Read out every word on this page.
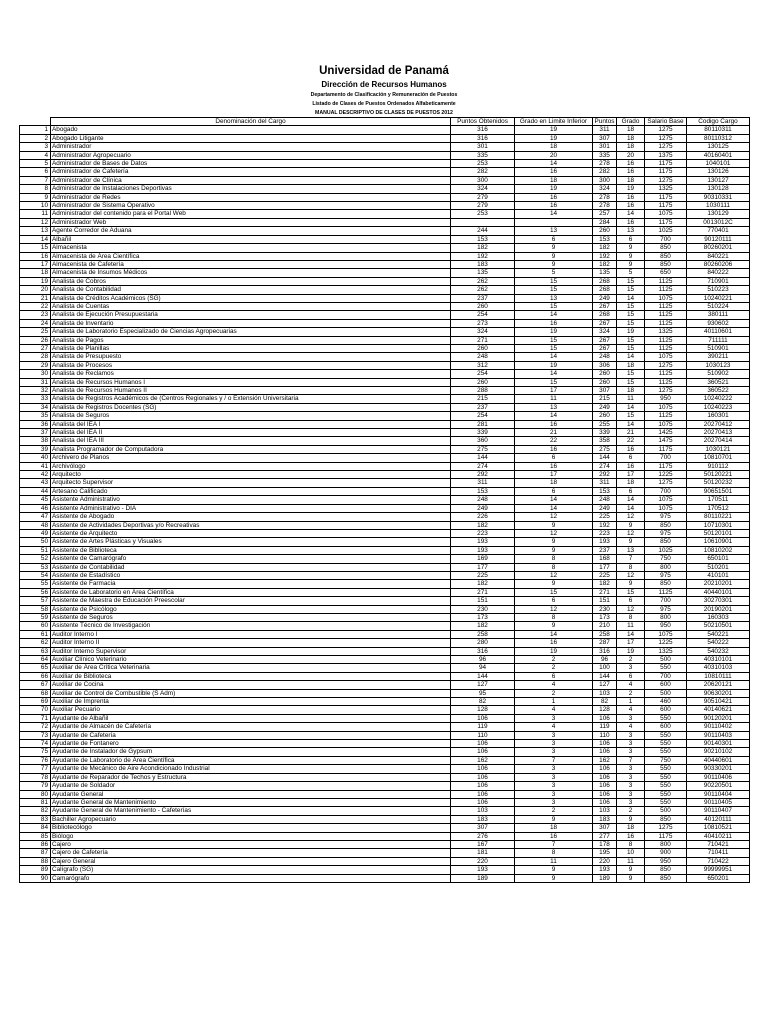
Universidad de Panamá
Dirección de Recursos Humanos
Departamento de Clasificación y Remuneración de Puestos
Listado de Clases de Puestos Ordenados Alfabeticamente
MANUAL DESCRIPTIVO DE CLASES DE PUESTOS 2012
	Denominación del Cargo	Puntos Obtenidos	Grado en Limite Inferior	Puntos	Grado	Salario Base	Codigo Cargo
1	Abogado	316	19	311	18	1275	80110311
2	Abogado Litigante	316	19	307	18	1275	80110312
3	Administrador	301	18	301	18	1275	130125
4	Administrador Agropecuario	335	20	335	20	1375	40160401
5	Administrador de Bases de Datos	253	14	278	16	1175	1040101
6	Administrador de Cafetería	282	16	282	16	1175	130126
7	Administrador de Clínica	300	18	300	18	1275	130127
8	Administrador de Instalaciones Deportivas	324	19	324	19	1325	130128
9	Administrador de Redes	279	16	278	16	1175	90310331
10	Administrador de Sistema Operativo	279	16	278	16	1175	1030111
11	Administrador del contenido para el Portal Web	253	14	257	14	1075	130129
12	Administrador Web			284	16	1175	0013012C
13	Agente Corredor de Aduana	244	13	260	13	1025	770401
14	Albañil	153	6	153	6	700	90120111
15	Almacenista	182	9	182	9	850	80260201
16	Almacenista de Área Científica	192	9	192	9	850	840221
17	Almacenista de Cafetería	183	9	182	9	850	80260206
18	Almacenista de Insumos Médicos	135	5	135	5	650	840222
19	Analista de Cobros	262	15	268	15	1125	710901
20	Analista de Contabilidad	262	15	268	15	1125	510223
21	Analista de Créditos Académicos (SG)	237	13	249	14	1075	10240221
22	Analista de Cuentas	260	15	267	15	1125	510224
23	Analista de Ejecución Presupuestaria	254	14	268	15	1125	380111
24	Analista de Inventario	273	16	267	15	1125	930602
25	Analista de Laboratorio Especializado de Ciencias Agropecuarias	324	19	324	19	1325	40110601
26	Analista de Pagos	271	15	267	15	1125	711111
27	Analista de Planillas	260	15	267	15	1125	510901
28	Analista de Presupuesto	248	14	248	14	1075	390211
29	Analista de Procesos	312	19	306	18	1275	1030123
30	Analista de Reclamos	254	14	260	15	1125	510902
31	Analista de Recursos Humanos I	260	15	260	15	1125	360521
32	Analista de Recursos Humanos II	288	17	307	18	1275	360522
33	Analista de Registros Académicos de (Centros Regionales y / o Extensión Universitaria	215	11	215	11	950	10240222
34	Analista de Registros Docentes (SG)	237	13	249	14	1075	10240223
35	Analista de Seguros	254	14	260	15	1125	160301
36	Analista del IEA I	281	16	255	14	1075	20270412
37	Analista del IEA II	339	21	339	21	1425	20270413
38	Analista del IEA III	360	22	358	22	1475	20270414
39	Analista Programador de Computadora	275	16	275	16	1175	1030121
40	Archivero de Planos	144	6	144	6	700	10810701
41	Archivólogo	274	16	274	16	1175	910112
42	Arquitecto	292	17	292	17	1225	50120221
43	Arquitecto Supervisor	311	18	311	18	1275	50120232
44	Artesano Calificado	153	6	153	6	700	90651501
45	Asistente Administrativo	248	14	248	14	1075	170511
46	Asistente Administrativo - DIA	249	14	249	14	1075	170512
47	Asistente de Abogado	226	12	225	12	975	80110221
48	Asistente de Actividades Deportivas y/o Recreativas	182	9	192	9	850	10710301
49	Asistente de Arquitecto	223	12	223	12	975	50120101
50	Asistente de Artes Plásticas y Visuales	193	9	193	9	850	10610901
51	Asistente de Biblioteca	193	9	237	13	1025	10810202
52	Asistente de Camarógrafo	169	8	168	7	750	650101
53	Asistente de Contabilidad	177	8	177	8	800	510201
54	Asistente de Estadístico	225	12	225	12	975	410101
55	Asistente de Farmacia	182	9	182	9	850	20210201
56	Asistente de Laboratorio en Área Científica	271	15	271	15	1125	40440101
57	Asistente de Maestra de Educación Preescolar	151	6	151	6	700	30270301
58	Asistente de Psicólogo	230	12	230	12	975	20190201
59	Asistente de Seguros	173	8	173	8	800	160303
60	Asistente Técnico de Investigación	182	9	210	11	950	50210501
61	Auditor Interno I	258	14	258	14	1075	540221
62	Auditor Interno II	280	16	287	17	1225	540222
63	Auditor Interno Supervisor	316	19	316	19	1325	540232
64	Auxiliar Clínico Veterinario	96	2	96	2	500	40310101
65	Auxiliar de Área Crítica Veterinaria	94	2	100	3	550	40310103
66	Auxiliar de Biblioteca	144	6	144	6	700	10810111
67	Auxiliar de Cocina	127	4	127	4	600	20620121
68	Auxiliar de Control de Combustible (S Adm)	95	2	103	2	500	90630201
69	Auxiliar de Imprenta	82	1	82	1	460	90510421
70	Auxiliar Pecuario	128	4	128	4	600	40140621
71	Ayudante de Albañil	106	3	106	3	550	90120201
72	Ayudante de Almacén de Cafetería	119	4	119	4	600	90110402
73	Ayudante de Cafetería	110	3	110	3	550	90110403
74	Ayudante de Fontanero	106	3	106	3	550	90140301
75	Ayudante de Instalador de Gypsum	106	3	106	3	550	90210102
76	Ayudante de Laboratorio de Área Científica	162	7	162	7	750	40440601
77	Ayudante de Mecánico de Aire Acondicionado Industrial	106	3	106	3	550	90330201
78	Ayudante de Reparador de Techos y Estructura	106	3	106	3	550	90110406
79	Ayudante de Soldador	106	3	106	3	550	90220501
80	Ayudante General	106	3	106	3	550	90110404
81	Ayudante General de Mantenimiento	106	3	106	3	550	90110405
82	Ayudante General de Mantenimiento - Cafeterías	103	2	103	2	500	90110407
83	Bachiller Agropecuario	183	9	183	9	850	40120111
84	Bibliotecólogo	307	18	307	18	1275	10810521
85	Biólogo	276	16	277	16	1175	40410211
86	Cajero	167	7	178	8	800	710421
87	Cajero de Cafetería	181	8	195	10	900	710411
88	Cajero General	220	11	220	11	950	710422
89	Calígrafo (SG)	193	9	193	9	850	99999951
90	Camarógrafo	189	9	189	9	850	650201
